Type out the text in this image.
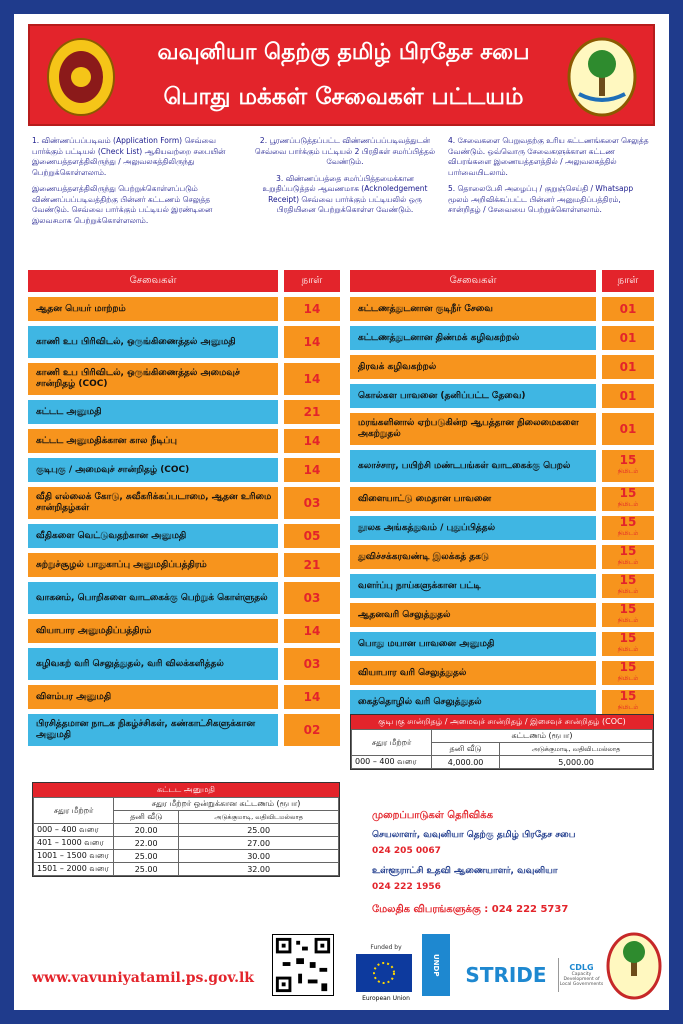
வவுனியா தெற்கு தமிழ் பிரதேச சபை
பொது மக்கள் சேவைகள் பட்டயம்

1. விண்ணப்பப்படிவம் (Application Form) செவ்வை பார்க்கும் பட்டியல் (Check List) ஆகியவற்றை சபையின் இணையத்தளத்திலிருந்து / அலுவலகத்திலிருந்து பெற்றுக்கொள்ளலாம்.

இணையத்தளத்திலிருந்து பெற்றுக்கொள்ளப்படும் விண்ணப்பப்படிவத்திற்கு பின்னர் கட்டணம் செலுத்த வேண்டும். செவ்வை பார்க்கும் பட்டியல் இரண்டினை இலவசமாக பெற்றுக்கொள்ளலாம்.

2. பூரணப்படுத்தப்பட்ட விண்ணப்பப்படிவத்துடன் செவ்வை பார்க்கும் பட்டியல் 2 பிரதிகள் சமர்ப்பித்தல் வேண்டும்.

3. விண்ணப்பத்தை சமர்ப்பித்தமைக்கான உறுதிப்படுத்தல் ஆவணமாக (Acknoledgement Receipt) செவ்வை பார்க்கும் பட்டியலில் ஒரு பிரதியினை பெற்றுக்கொள்ள வேண்டும்.

4. சேவைகளை பெறுவதற்கு உரிய கட்டணங்களை செலுத்த வேண்டும். ஒவ்வொரு சேவைகளுக்கான கட்டண விபரங்களை இணையத்தளத்தில் / அலுவலகத்தில் பார்வையிடலாம்.

5. தொலைபேசி அழைப்பு / குறுஞ்செய்தி / Whatsapp மூலம் அறிவிக்கப்பட்ட பின்னர் அனுமதிப்பத்திரம், சான்றிதழ் / சேவையை பெற்றுக்கொள்ளலாம்.

சேவைகள்	நாள்	சேவைகள்	நாள்
ஆதன பெயர் மாற்றம்	14
காணி உப பிரிவிடல், ஒருங்கிணைத்தல் அனுமதி	14
காணி உப பிரிவிடல், ஒருங்கிணைத்தல் அமைவுச் சான்றிதழ் (COC)	14
கட்டட அனுமதி	21
கட்டட அனுமதிக்கான கால நீடிப்பு	14
குடிபுகு / அமைவுச் சான்றிதழ் (COC)	14
வீதி எல்லைக் கோடு, சுவீகரிக்கப்படாமை, ஆதன உரிமை சான்றிதழ்கள்	03
வீதிகளை வெட்டுவதற்கான அனுமதி	05
சுற்றுச்சூழல் பாதுகாப்பு அனுமதிப்பத்திரம்	21
வாகனம், பொறிகளை வாடகைக்கு பெற்றுக் கொள்ளுதல்	03
வியாபார அனுமதிப்பத்திரம்	14
கழிவகற் வரி செலுத்துதல், வரி விலக்களித்தல்	03
விளம்பர அனுமதி	14
பிரசித்தமான நாடக நிகழ்ச்சிகள், கண்காட்சிகளுக்கான அனுமதி	02
கட்டணத்துடனான குடிநீர் சேவை	01
கட்டணத்துடனான திண்மக் கழிவகற்றல்	01
திரவக் கழிவகற்றல்	01
கொல்கள பாவனை (தனிப்பட்ட தேவை)	01
மரங்களினால் ஏற்படுகின்ற ஆபத்தான நிலைமைகளை அகற்றுதல்	01
கலாச்சார, பயிற்சி மண்டபங்கள் வாடகைக்கு பெறல்	15
நிமிடம்
விளையாட்டு மைதான பாவனை	15
நிமிடம்
நூலக அங்கத்துவம் / புதுப்பித்தல்	15
நிமிடம்
துவிச்சக்கரவண்டி இலக்கத் தகடு	15
நிமிடம்
வளர்ப்பு நாய்களுக்கான பட்டி	15
நிமிடம்
ஆதனவரி செலுத்துதல்	15
நிமிடம்
பொது மயான பாவனை அனுமதி	15
நிமிடம்
வியாபார வரி செலுத்துதல்	15
நிமிடம்
கைத்தொழில் வரி செலுத்துதல்	15
நிமிடம்
குடிபுகு சான்றிதழ் / அமைவுச் சான்றிதழ் / இசைவுச் சான்றிதழ் (COC)
சதுர மீற்றர்	கட்டணம் (ரூபா)	
	தனி வீடு	அடுக்குமாடி, வதிவிடமல்லாத
000 – 400 வரை	4,000.00	5,000.00
கட்டட அனுமதி
சதுர மீற்றர்	சதுர மீற்றர் ஒன்றுக்கான கட்டணம் (ரூபா)	
	தனி வீடு	அடுக்குமாடி, வதிவிடமல்லாத
000 – 400 வரை	20.00	25.00
401 – 1000 வரை	22.00	27.00
1001 – 1500 வரை	25.00	30.00
1501 – 2000 வரை	25.00	32.00
முறைப்பாடுகள் தெரிவிக்க
செயலாளர், வவுனியா தெற்கு தமிழ் பிரதேச சபை
024 205 0067
உள்ளூராட்சி உதவி ஆணையாளர், வவுனியா
024 222 1956
மேலதிக விபரங்களுக்கு : 024 222 5737
www.vavuniyatamil.ps.gov.lk
Funded by
European Union
UNDP	STRIDE	CDLG
Capacity Development of Local Governments
